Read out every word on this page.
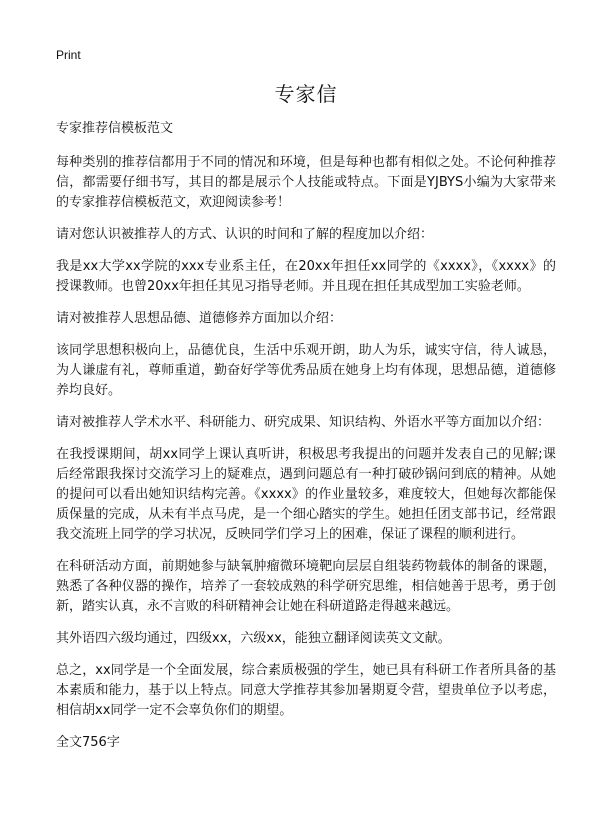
Print
专家信

专家推荐信模板范文

每种类别的推荐信都用于不同的情况和环境，但是每种也都有相似之处。不论何种推荐信，都需要仔细书写，其目的都是展示个人技能或特点。下面是YJBYS小编为大家带来的专家推荐信模板范文，欢迎阅读参考！

请对您认识被推荐人的方式、认识的时间和了解的程度加以介绍：

我是xx大学xx学院的xxx专业系主任，在20xx年担任xx同学的《xxxx》，《xxxx》的授课教师。也曾20xx年担任其见习指导老师。并且现在担任其成型加工实验老师。

请对被推荐人思想品德、道德修养方面加以介绍：

该同学思想积极向上，品德优良，生活中乐观开朗，助人为乐，诚实守信，待人诚恳，为人谦虚有礼，尊师重道，勤奋好学等优秀品质在她身上均有体现，思想品德，道德修养均良好。

请对被推荐人学术水平、科研能力、研究成果、知识结构、外语水平等方面加以介绍：

在我授课期间，胡xx同学上课认真听讲，积极思考我提出的问题并发表自己的见解;课后经常跟我探讨交流学习上的疑难点，遇到问题总有一种打破砂锅问到底的精神。从她的提问可以看出她知识结构完善。《xxxx》的作业量较多，难度较大，但她每次都能保质保量的完成，从未有半点马虎，是一个细心踏实的学生。她担任团支部书记，经常跟我交流班上同学的学习状况，反映同学们学习上的困难，保证了课程的顺利进行。

在科研活动方面，前期她参与缺氧肿瘤微环境靶向层层自组装药物载体的制备的课题，熟悉了各种仪器的操作，培养了一套较成熟的科学研究思维，相信她善于思考，勇于创新，踏实认真，永不言败的科研精神会让她在科研道路走得越来越远。

其外语四六级均通过，四级xx，六级xx，能独立翻译阅读英文文献。

总之，xx同学是一个全面发展，综合素质极强的学生，她已具有科研工作者所具备的基本素质和能力，基于以上特点。同意大学推荐其参加暑期夏令营，望贵单位予以考虑，相信胡xx同学一定不会辜负你们的期望。

全文756字
